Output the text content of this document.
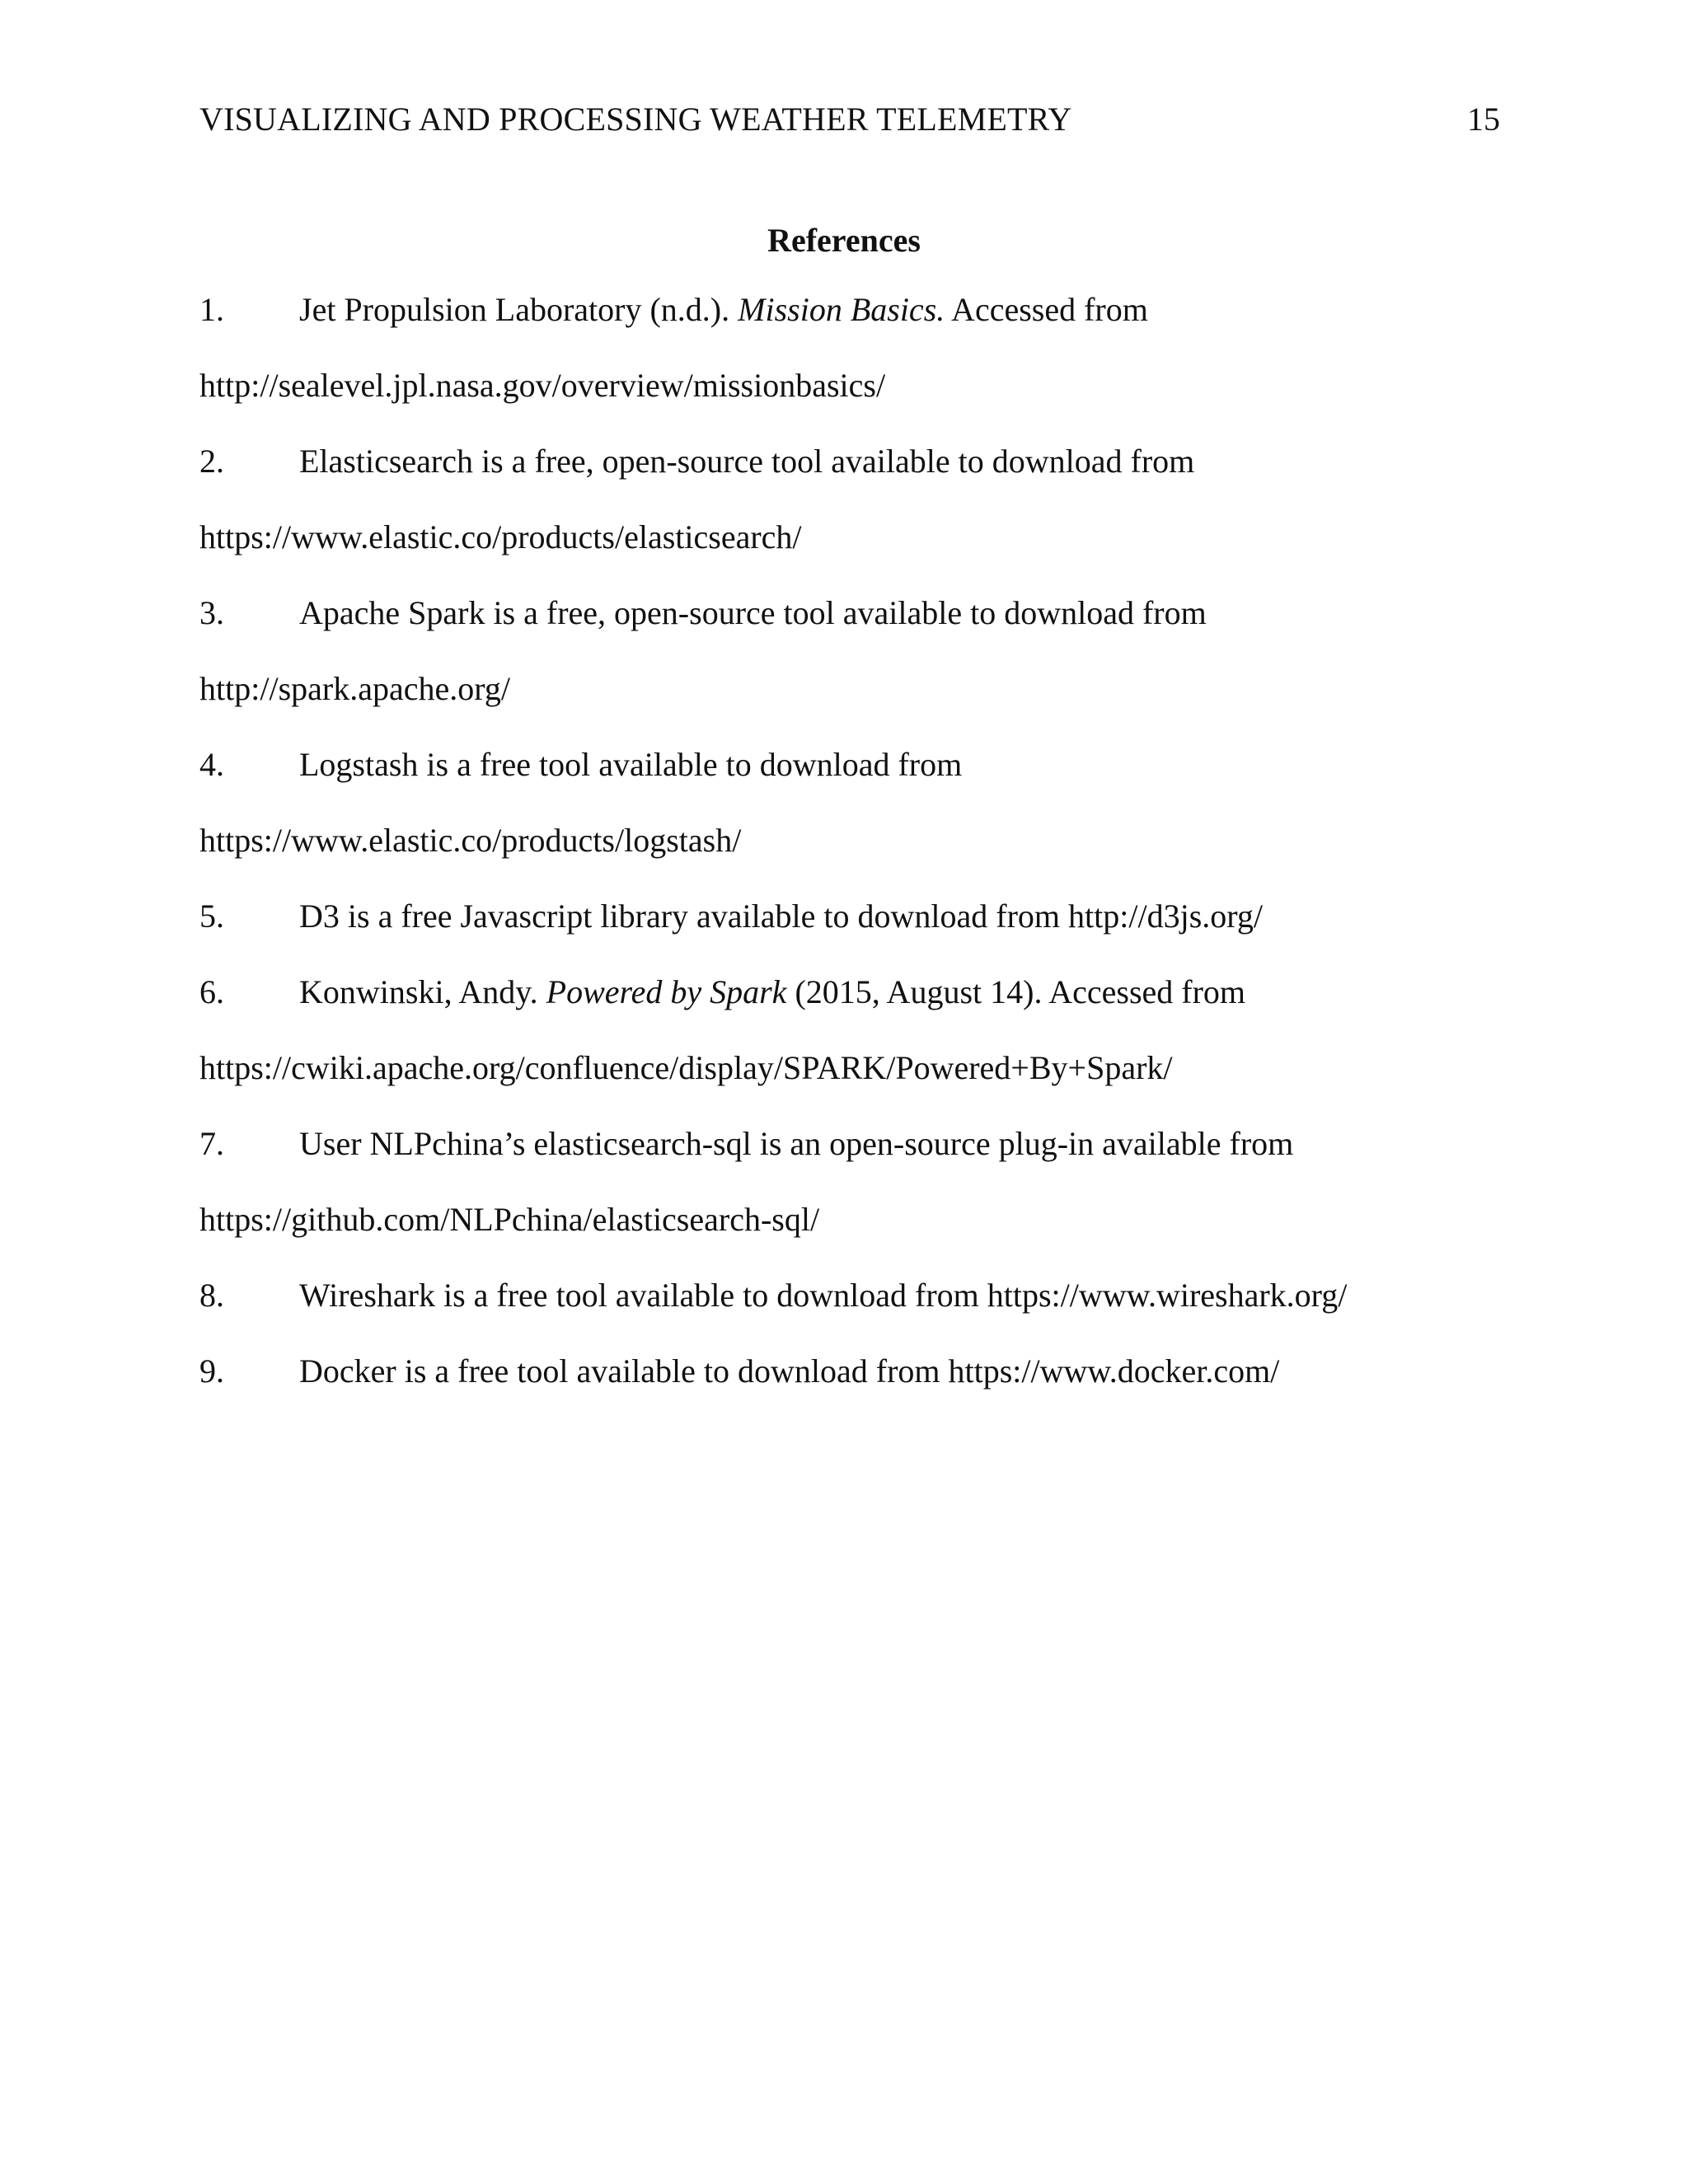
VISUALIZING AND PROCESSING WEATHER TELEMETRY	15
References
1. Jet Propulsion Laboratory (n.d.). Mission Basics. Accessed from
http://sealevel.jpl.nasa.gov/overview/missionbasics/
2. Elasticsearch is a free, open-source tool available to download from
https://www.elastic.co/products/elasticsearch/
3. Apache Spark is a free, open-source tool available to download from
http://spark.apache.org/
4. Logstash is a free tool available to download from
https://www.elastic.co/products/logstash/
5. D3 is a free Javascript library available to download from http://d3js.org/
6. Konwinski, Andy. Powered by Spark (2015, August 14). Accessed from
https://cwiki.apache.org/confluence/display/SPARK/Powered+By+Spark/
7. User NLPchina’s elasticsearch-sql is an open-source plug-in available from
https://github.com/NLPchina/elasticsearch-sql/
8. Wireshark is a free tool available to download from https://www.wireshark.org/
9. Docker is a free tool available to download from https://www.docker.com/
